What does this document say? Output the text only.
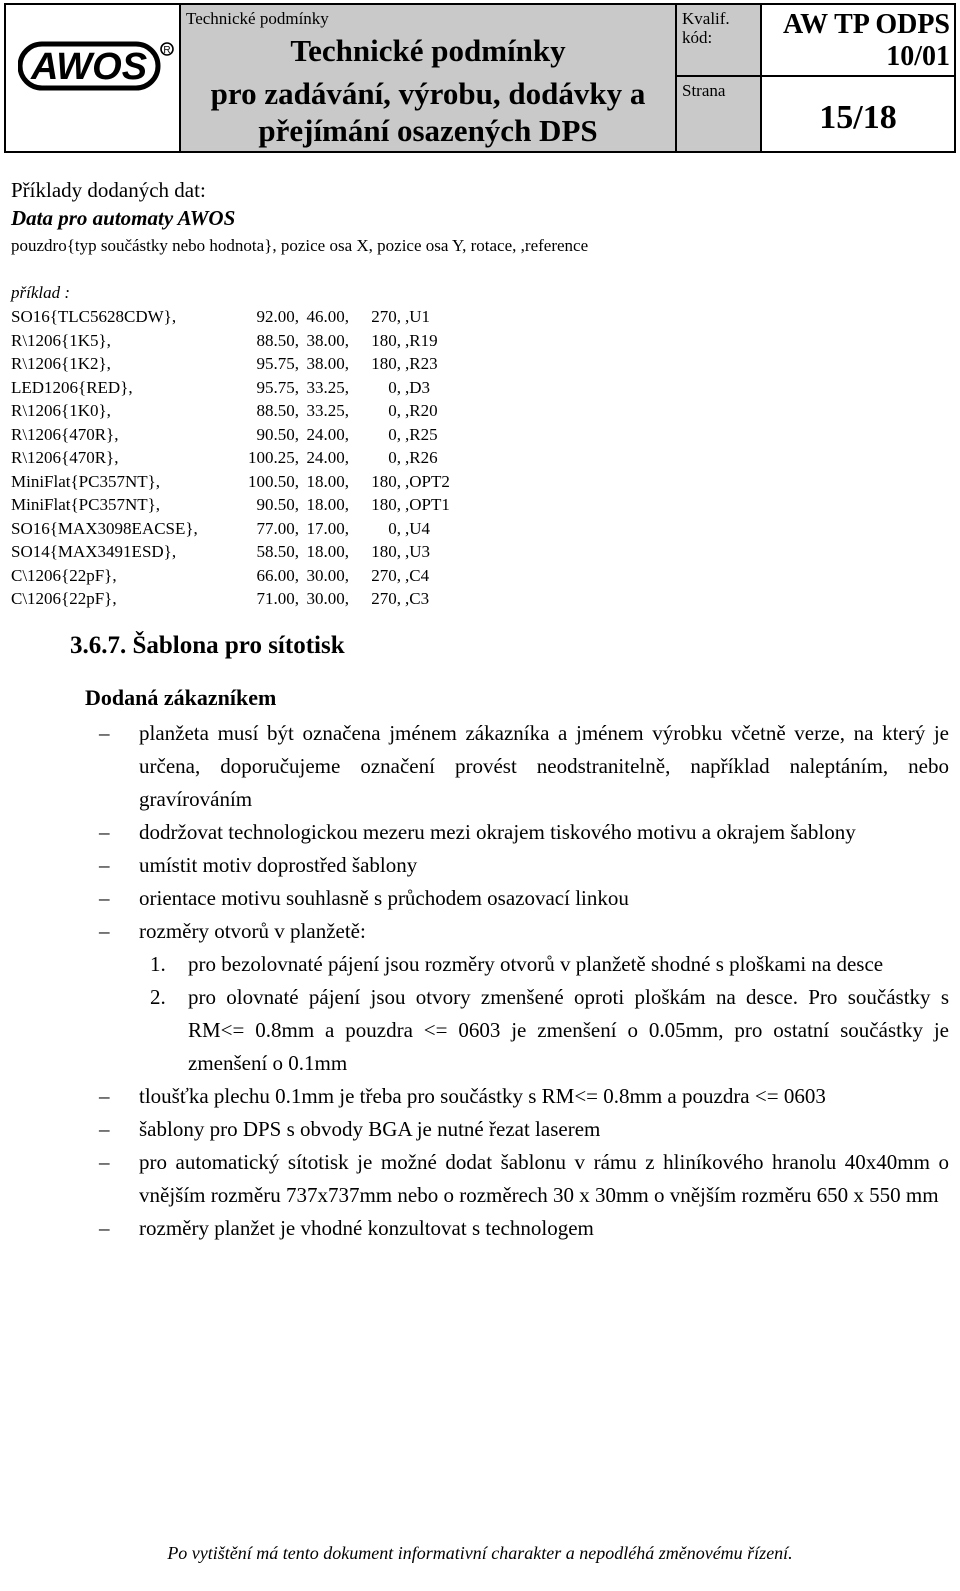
AWOS R

Technické podmínky
Technické podmínky
pro zadávání, výrobu, dodávky a
přejímání osazených DPS

Kvalif. kód:
Strana

AW TP ODPS
10/01
15/18
Příklady dodaných dat:
Data pro automaty AWOS
pouzdro{typ součástky nebo hodnota}, pozice osa X, pozice osa Y, rotace, ,reference
příklad :
SO16{TLC5628CDW},	92.00, 46.00,	270, ,U1
R\1206{1K5},	88.50, 38.00,	180, ,R19
R\1206{1K2},	95.75, 38.00,	180, ,R23
LED1206{RED},	95.75, 33.25,	0, ,D3
R\1206{1K0},	88.50, 33.25,	0, ,R20
R\1206{470R},	90.50, 24.00,	0, ,R25
R\1206{470R},	100.25, 24.00,	0, ,R26
MiniFlat{PC357NT},	100.50, 18.00,	180, ,OPT2
MiniFlat{PC357NT},	90.50, 18.00,	180, ,OPT1
SO16{MAX3098EACSE},	77.00, 17.00,	0, ,U4
SO14{MAX3491ESD},	58.50, 18.00,	180, ,U3
C\1206{22pF},	66.00, 30.00,	270, ,C4
C\1206{22pF},	71.00, 30.00,	270, ,C3
3.6.7. Šablona pro sítotisk
Dodaná zákazníkem
– planžeta musí být označena jménem zákazníka a jménem výrobku včetně verze, na který je určena, doporučujeme označení provést neodstranitelně, například naleptáním, nebo gravírováním
– dodržovat technologickou mezeru mezi okrajem tiskového motivu a okrajem šablony
– umístit motiv doprostřed šablony
– orientace motivu souhlasně s průchodem osazovací linkou
– rozměry otvorů v planžetě:
1. pro bezolovnaté pájení jsou rozměry otvorů v planžetě shodné s ploškami na desce
2. pro olovnaté pájení jsou otvory zmenšené oproti ploškám na desce. Pro součástky s RM<= 0.8mm a pouzdra <= 0603 je zmenšení o 0.05mm, pro ostatní součástky je zmenšení o 0.1mm
– tloušťka plechu 0.1mm je třeba pro součástky s RM<= 0.8mm a pouzdra <= 0603
– šablony pro DPS s obvody BGA je nutné řezat laserem
– pro automatický sítotisk je možné dodat šablonu v rámu z hliníkového hranolu 40x40mm o vnějším rozměru 737x737mm nebo o rozměrech 30 x 30mm o vnějším rozměru 650 x 550 mm
– rozměry planžet je vhodné konzultovat s technologem
Po vytištění má tento dokument informativní charakter a nepodléhá změnovému řízení.
